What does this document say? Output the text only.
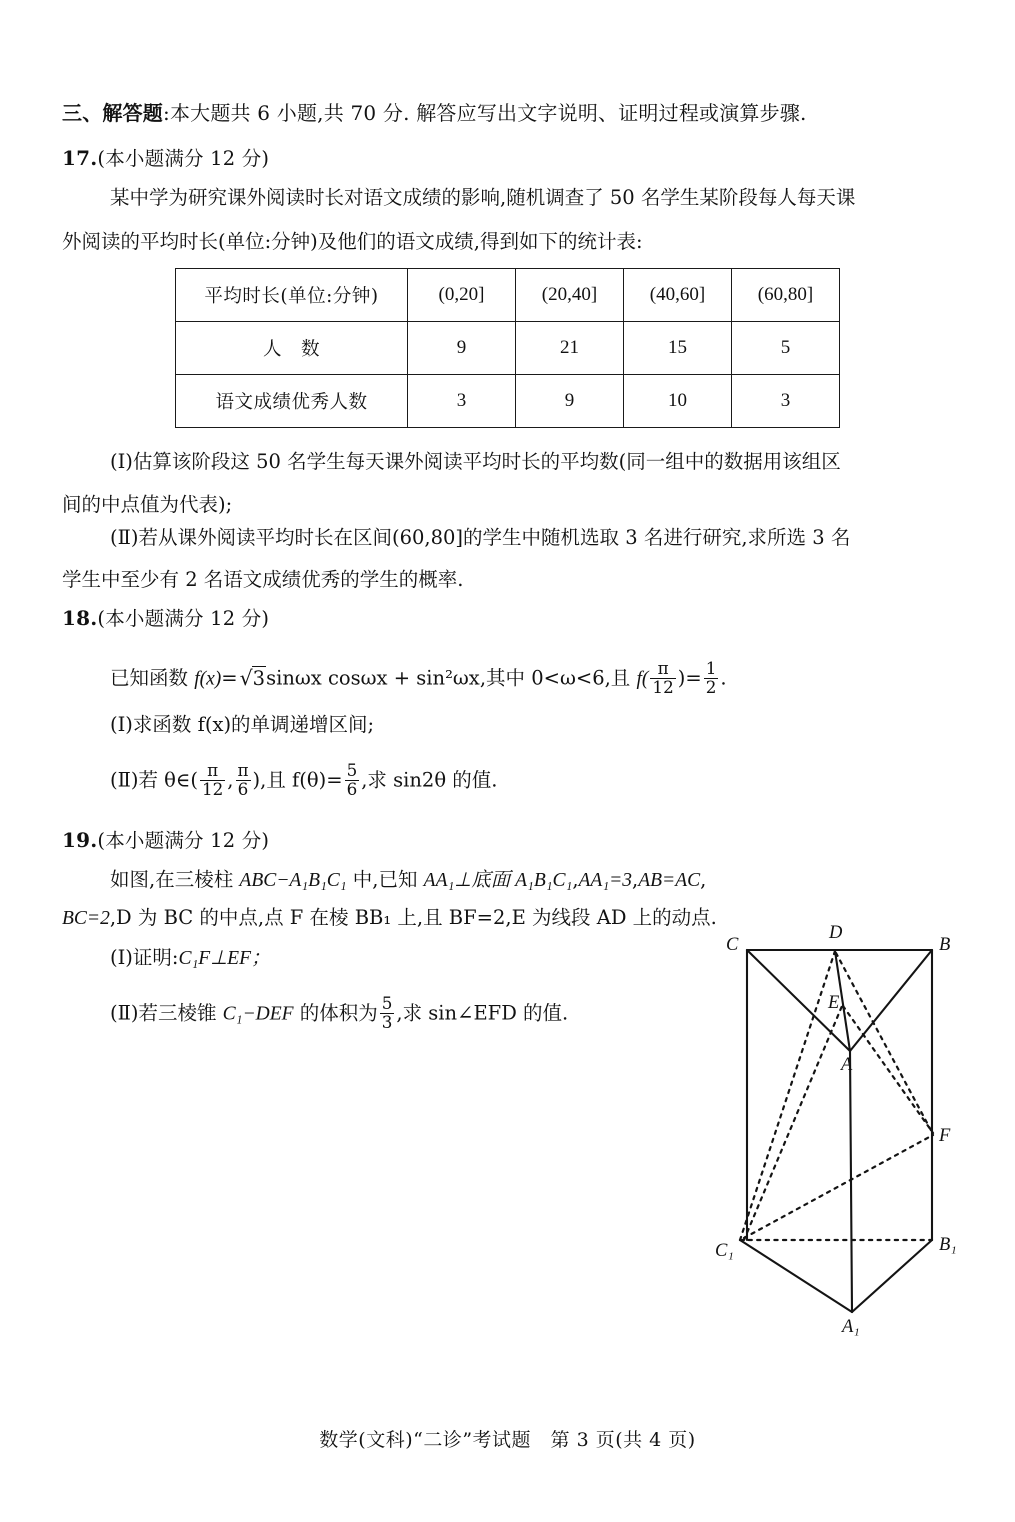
三、解答题:本大题共 6 小题,共 70 分. 解答应写出文字说明、证明过程或演算步骤.
17.(本小题满分 12 分)
某中学为研究课外阅读时长对语文成绩的影响,随机调查了 50 名学生某阶段每人每天课
外阅读的平均时长(单位:分钟)及他们的语文成绩,得到如下的统计表:
平均时长(单位:分钟)	(0,20]	(20,40]	(40,60]	(60,80]
人　数	9	21	15	5
语文成绩优秀人数	3	9	10	3
(Ⅰ)估算该阶段这 50 名学生每天课外阅读平均时长的平均数(同一组中的数据用该组区
间的中点值为代表);
(Ⅱ)若从课外阅读平均时长在区间(60,80]的学生中随机选取 3 名进行研究,求所选 3 名
学生中至少有 2 名语文成绩优秀的学生的概率.
18.(本小题满分 12 分)
已知函数 f(x)=√3sinωx cosωx + sin²ωx,其中 0<ω<6,且 $f( \frac{\pi}{12}$ )= $\frac{1}{2}$ .
(Ⅰ)求函数 f(x)的单调递增区间;
(Ⅱ)若 θ∈( $\frac{\pi}{12}$ , $\frac{\pi}{6}$ ),且 $f(\theta)= \frac{5}{6}$ ,求 sin2θ 的值.
19.(本小题满分 12 分)
如图,在三棱柱 ABC−A₁B₁C₁ 中,已知 AA₁⊥底面 A₁B₁C₁,AA₁=3,AB=AC,
BC=2,D 为 BC 的中点,点 F 在棱 BB₁ 上,且 BF=2,E 为线段 AD 上的动点.
(Ⅰ)证明:C₁F⊥EF；
(Ⅱ)若三棱锥 C₁−DEF 的体积为 $\frac{5}{3}$ ,求 sin∠EFD 的值.
C
D
B
E
A
F
C₁	B₁
A₁
数学(文科)“二诊”考试题　第 3 页(共 4 页)
